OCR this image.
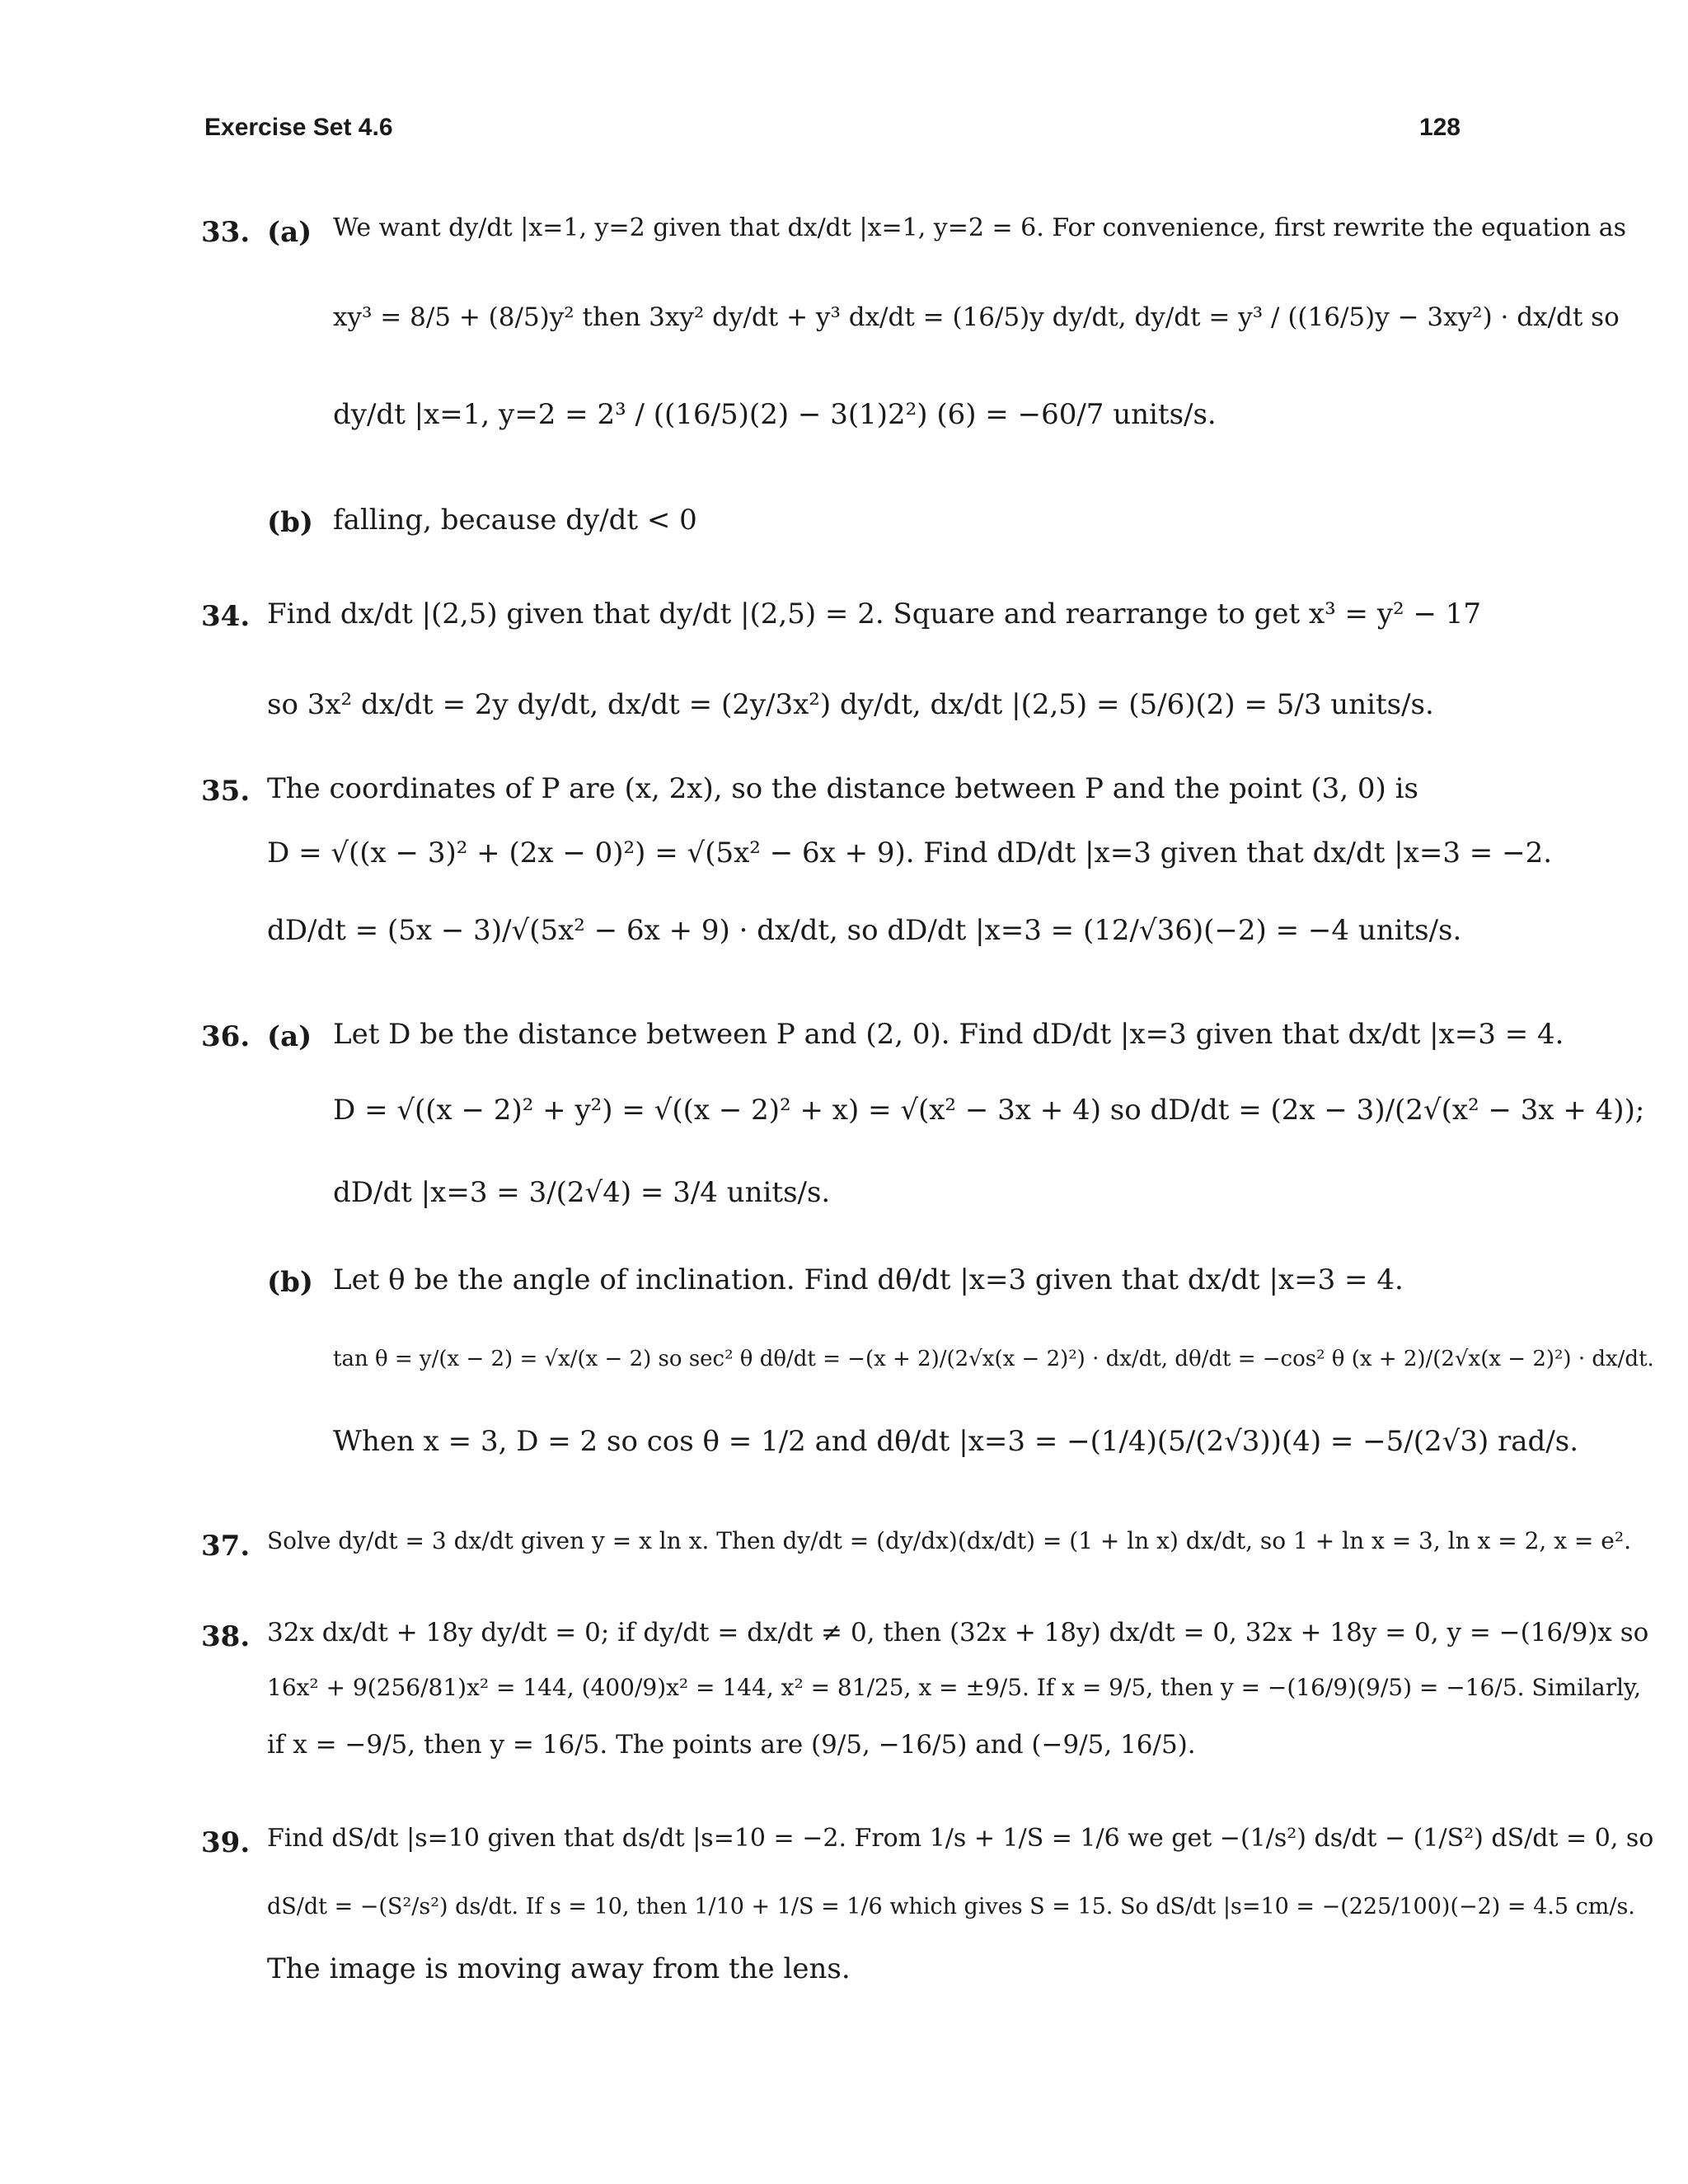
Exercise Set 4.6	128
33. (a) We want dy/dt |x=1, y=2 given that dx/dt |x=1, y=2 = 6. For convenience, first rewrite the equation as
xy³ = 8/5 + (8/5)y² then 3xy² dy/dt + y³ dx/dt = (16/5)y dy/dt, dy/dt = y³ / ((16/5)y − 3xy²) · dx/dt so
dy/dt |x=1, y=2 = 2³ / ((16/5)(2) − 3(1)2²) (6) = −60/7 units/s.
(b) falling, because dy/dt < 0
34. Find dx/dt |(2,5) given that dy/dt |(2,5) = 2. Square and rearrange to get x³ = y² − 17
so 3x² dx/dt = 2y dy/dt, dx/dt = (2y/3x²) dy/dt, dx/dt |(2,5) = (5/6)(2) = 5/3 units/s.
35. The coordinates of P are (x, 2x), so the distance between P and the point (3, 0) is
D = √((x − 3)² + (2x − 0)²) = √(5x² − 6x + 9). Find dD/dt |x=3 given that dx/dt |x=3 = −2.
dD/dt = (5x − 3)/√(5x² − 6x + 9) · dx/dt, so dD/dt |x=3 = (12/√36)(−2) = −4 units/s.
36. (a) Let D be the distance between P and (2, 0). Find dD/dt |x=3 given that dx/dt |x=3 = 4.
D = √((x − 2)² + y²) = √((x − 2)² + x) = √(x² − 3x + 4) so dD/dt = (2x − 3)/(2√(x² − 3x + 4));
dD/dt |x=3 = 3/(2√4) = 3/4 units/s.
(b) Let θ be the angle of inclination. Find dθ/dt |x=3 given that dx/dt |x=3 = 4.
tan θ = y/(x − 2) = √x/(x − 2) so sec² θ dθ/dt = −(x + 2)/(2√x(x − 2)²) · dx/dt, dθ/dt = −cos² θ (x + 2)/(2√x(x − 2)²) · dx/dt.
When x = 3, D = 2 so cos θ = 1/2 and dθ/dt |x=3 = −(1/4)(5/(2√3))(4) = −5/(2√3) rad/s.
37. Solve dy/dt = 3 dx/dt given y = x ln x. Then dy/dt = (dy/dx)(dx/dt) = (1 + ln x) dx/dt, so 1 + ln x = 3, ln x = 2, x = e².
38. 32x dx/dt + 18y dy/dt = 0; if dy/dt = dx/dt ≠ 0, then (32x + 18y) dx/dt = 0, 32x + 18y = 0, y = −(16/9)x so
16x² + 9(256/81)x² = 144, (400/9)x² = 144, x² = 81/25, x = ±9/5. If x = 9/5, then y = −(16/9)(9/5) = −16/5. Similarly,
if x = −9/5, then y = 16/5. The points are (9/5, −16/5) and (−9/5, 16/5).
39. Find dS/dt |s=10 given that ds/dt |s=10 = −2. From 1/s + 1/S = 1/6 we get −(1/s²) ds/dt − (1/S²) dS/dt = 0, so
dS/dt = −(S²/s²) ds/dt. If s = 10, then 1/10 + 1/S = 1/6 which gives S = 15. So dS/dt |s=10 = −(225/100)(−2) = 4.5 cm/s.
The image is moving away from the lens.
